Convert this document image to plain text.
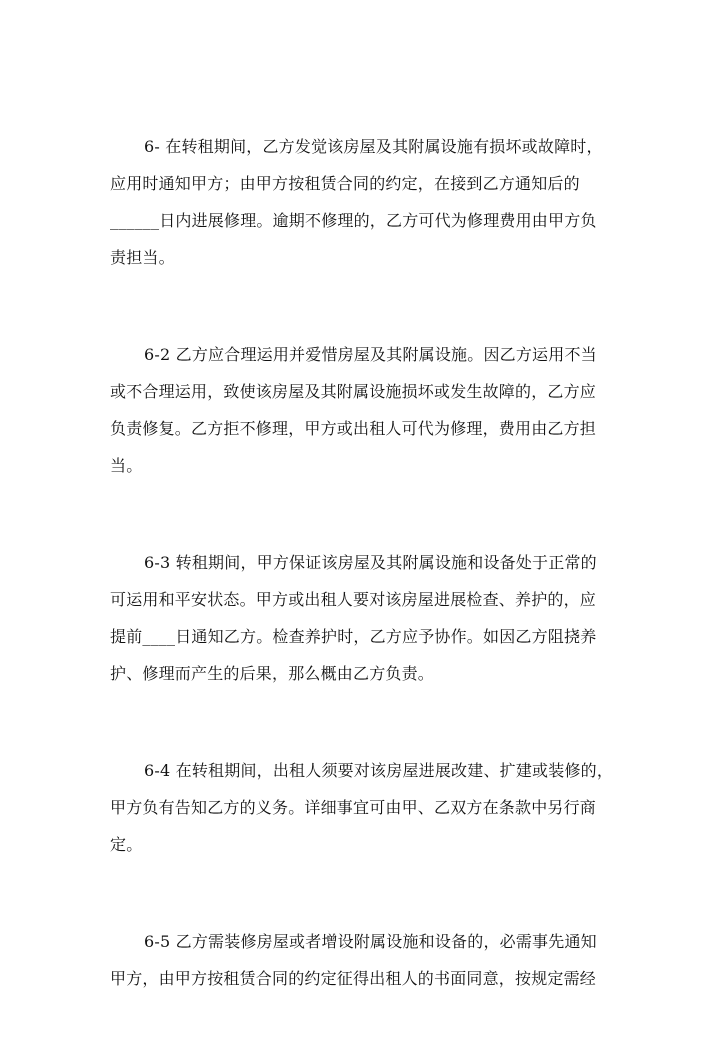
6- 在转租期间，乙方发觉该房屋及其附属设施有损坏或故障时，
应用时通知甲方；由甲方按租赁合同的约定，在接到乙方通知后的
______日内进展修理。逾期不修理的，乙方可代为修理费用由甲方负
责担当。
6-2 乙方应合理运用并爱惜房屋及其附属设施。因乙方运用不当
或不合理运用，致使该房屋及其附属设施损坏或发生故障的，乙方应
负责修复。乙方拒不修理，甲方或出租人可代为修理，费用由乙方担
当。
6-3 转租期间，甲方保证该房屋及其附属设施和设备处于正常的
可运用和平安状态。甲方或出租人要对该房屋进展检查、养护的，应
提前____日通知乙方。检查养护时，乙方应予协作。如因乙方阻挠养
护、修理而产生的后果，那么概由乙方负责。
6-4 在转租期间，出租人须要对该房屋进展改建、扩建或装修的，
甲方负有告知乙方的义务。详细事宜可由甲、乙双方在条款中另行商
定。
6-5 乙方需装修房屋或者增设附属设施和设备的，必需事先通知
甲方，由甲方按租赁合同的约定征得出租人的书面同意，按规定需经
